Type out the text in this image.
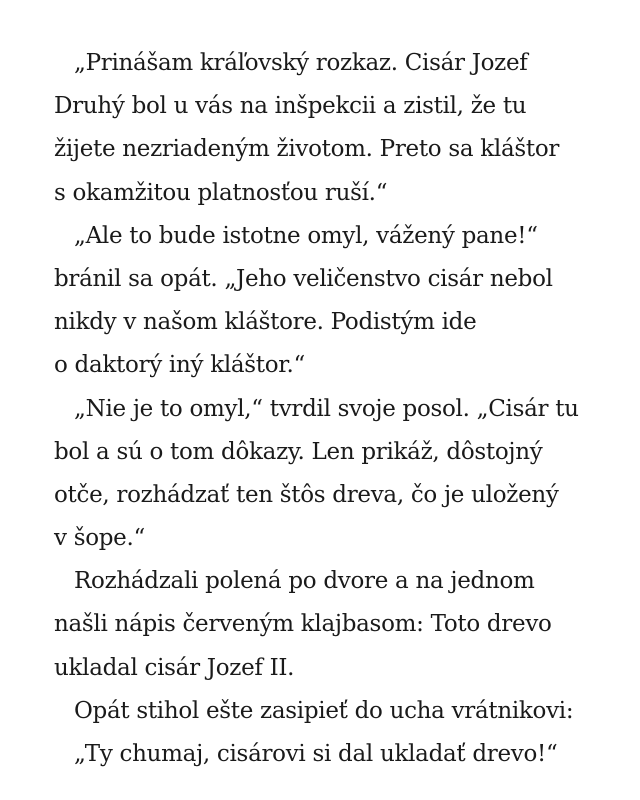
„Prinášam kráľovský rozkaz. Cisár Jozef
Druhý bol u vás na inšpekcii a zistil, že tu
žijete nezriadeným životom. Preto sa kláštor
s okamžitou platnosťou ruší.“
„Ale to bude istotne omyl, vážený pane!“
bránil sa opát. „Jeho veličenstvo cisár nebol
nikdy v našom kláštore. Podistým ide
o daktorý iný kláštor.“
„Nie je to omyl,“ tvrdil svoje posol. „Cisár tu
bol a sú o tom dôkazy. Len prikáž, dôstojný
otče, rozhádzať ten štôs dreva, čo je uložený
v šope.“
Rozhádzali polená po dvore a na jednom
našli nápis červeným klajbasom: Toto drevo
ukladal cisár Jozef II.
Opát stihol ešte zasipieť do ucha vrátnikovi:
„Ty chumaj, cisárovi si dal ukladať drevo!“
